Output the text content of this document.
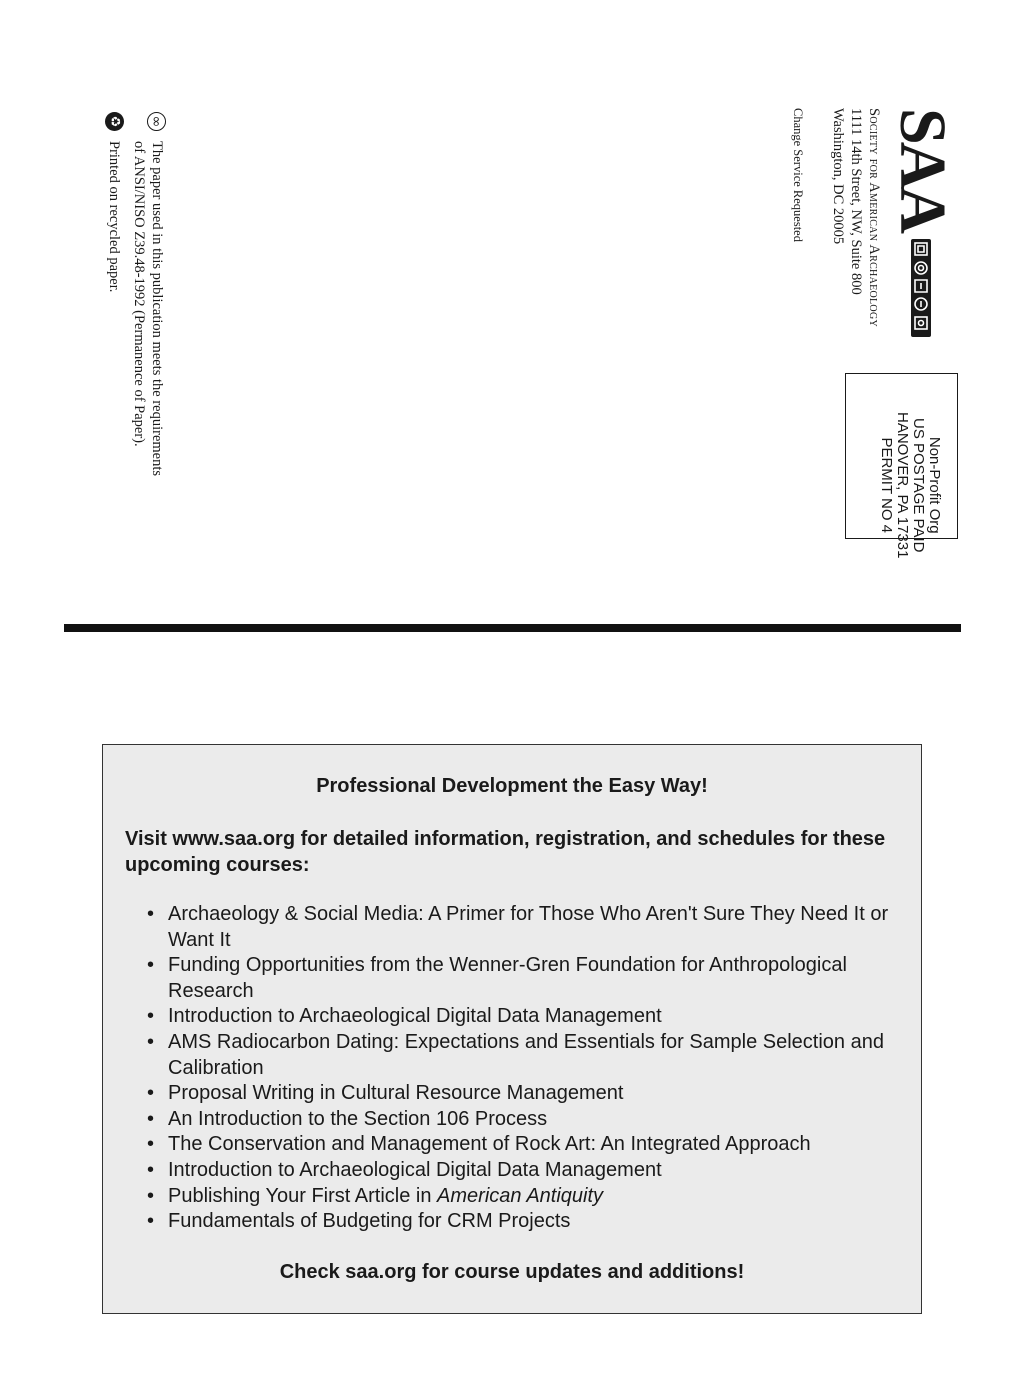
SAA
Society for American Archaeology
1111 14th Street, NW, Suite 800
Washington, DC 20005
Change Service Requested
Non-Profit Org
US POSTAGE PAID
HANOVER, PA 17331
PERMIT NO 4
∞
The paper used in this publication meets the requirements
of ANSI/NISO Z39.48-1992 (Permanence of Paper).
♻
Printed on recycled paper.

Professional Development the Easy Way!

Visit www.saa.org for detailed information, registration, and schedules for these upcoming courses:

• Archaeology & Social Media: A Primer for Those Who Aren't Sure They Need It or Want It
• Funding Opportunities from the Wenner-Gren Foundation for Anthropological Research
• Introduction to Archaeological Digital Data Management
• AMS Radiocarbon Dating: Expectations and Essentials for Sample Selection and Calibration
• Proposal Writing in Cultural Resource Management
• An Introduction to the Section 106 Process
• The Conservation and Management of Rock Art: An Integrated Approach
• Introduction to Archaeological Digital Data Management
• Publishing Your First Article in American Antiquity
• Fundamentals of Budgeting for CRM Projects

Check saa.org for course updates and additions!
